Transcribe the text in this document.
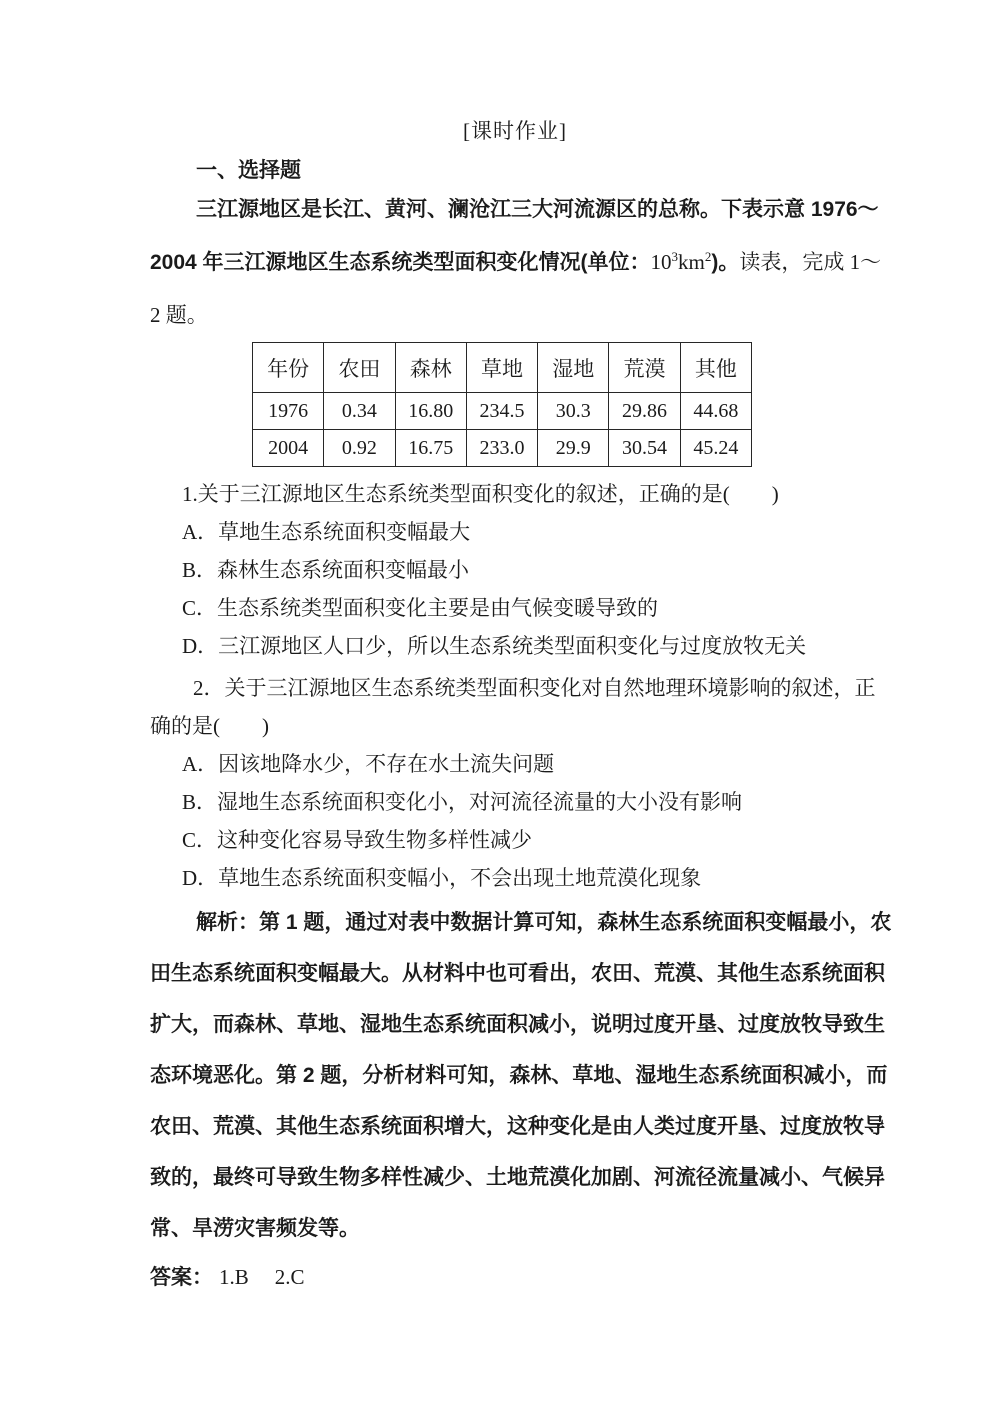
[课时作业]
一、选择题
三江源地区是长江、黄河、澜沧江三大河流源区的总称。下表示意 1976～
2004 年三江源地区生态系统类型面积变化情况(单位：$10^3km^2$)。读表，完成 1～
2 题。
年份	农田	森林	草地	湿地	荒漠	其他
1976	0.34	16.80	234.5	30.3	29.86	44.68
2004	0.92	16.75	233.0	29.9	30.54	45.24
1.关于三江源地区生态系统类型面积变化的叙述，正确的是(　　)
A．草地生态系统面积变幅最大
B．森林生态系统面积变幅最小
C．生态系统类型面积变化主要是由气候变暖导致的
D．三江源地区人口少，所以生态系统类型面积变化与过度放牧无关
2．关于三江源地区生态系统类型面积变化对自然地理环境影响的叙述，正
确的是(　　)
A．因该地降水少，不存在水土流失问题
B．湿地生态系统面积变化小，对河流径流量的大小没有影响
C．这种变化容易导致生物多样性减少
D．草地生态系统面积变幅小，不会出现土地荒漠化现象
解析：第 1 题，通过对表中数据计算可知，森林生态系统面积变幅最小，农
田生态系统面积变幅最大。从材料中也可看出，农田、荒漠、其他生态系统面积
扩大，而森林、草地、湿地生态系统面积减小，说明过度开垦、过度放牧导致生
态环境恶化。第 2 题，分析材料可知，森林、草地、湿地生态系统面积减小，而
农田、荒漠、其他生态系统面积增大，这种变化是由人类过度开垦、过度放牧导
致的，最终可导致生物多样性减少、土地荒漠化加剧、河流径流量减小、气候异
常、旱涝灾害频发等。
答案： 1.B 2.C
